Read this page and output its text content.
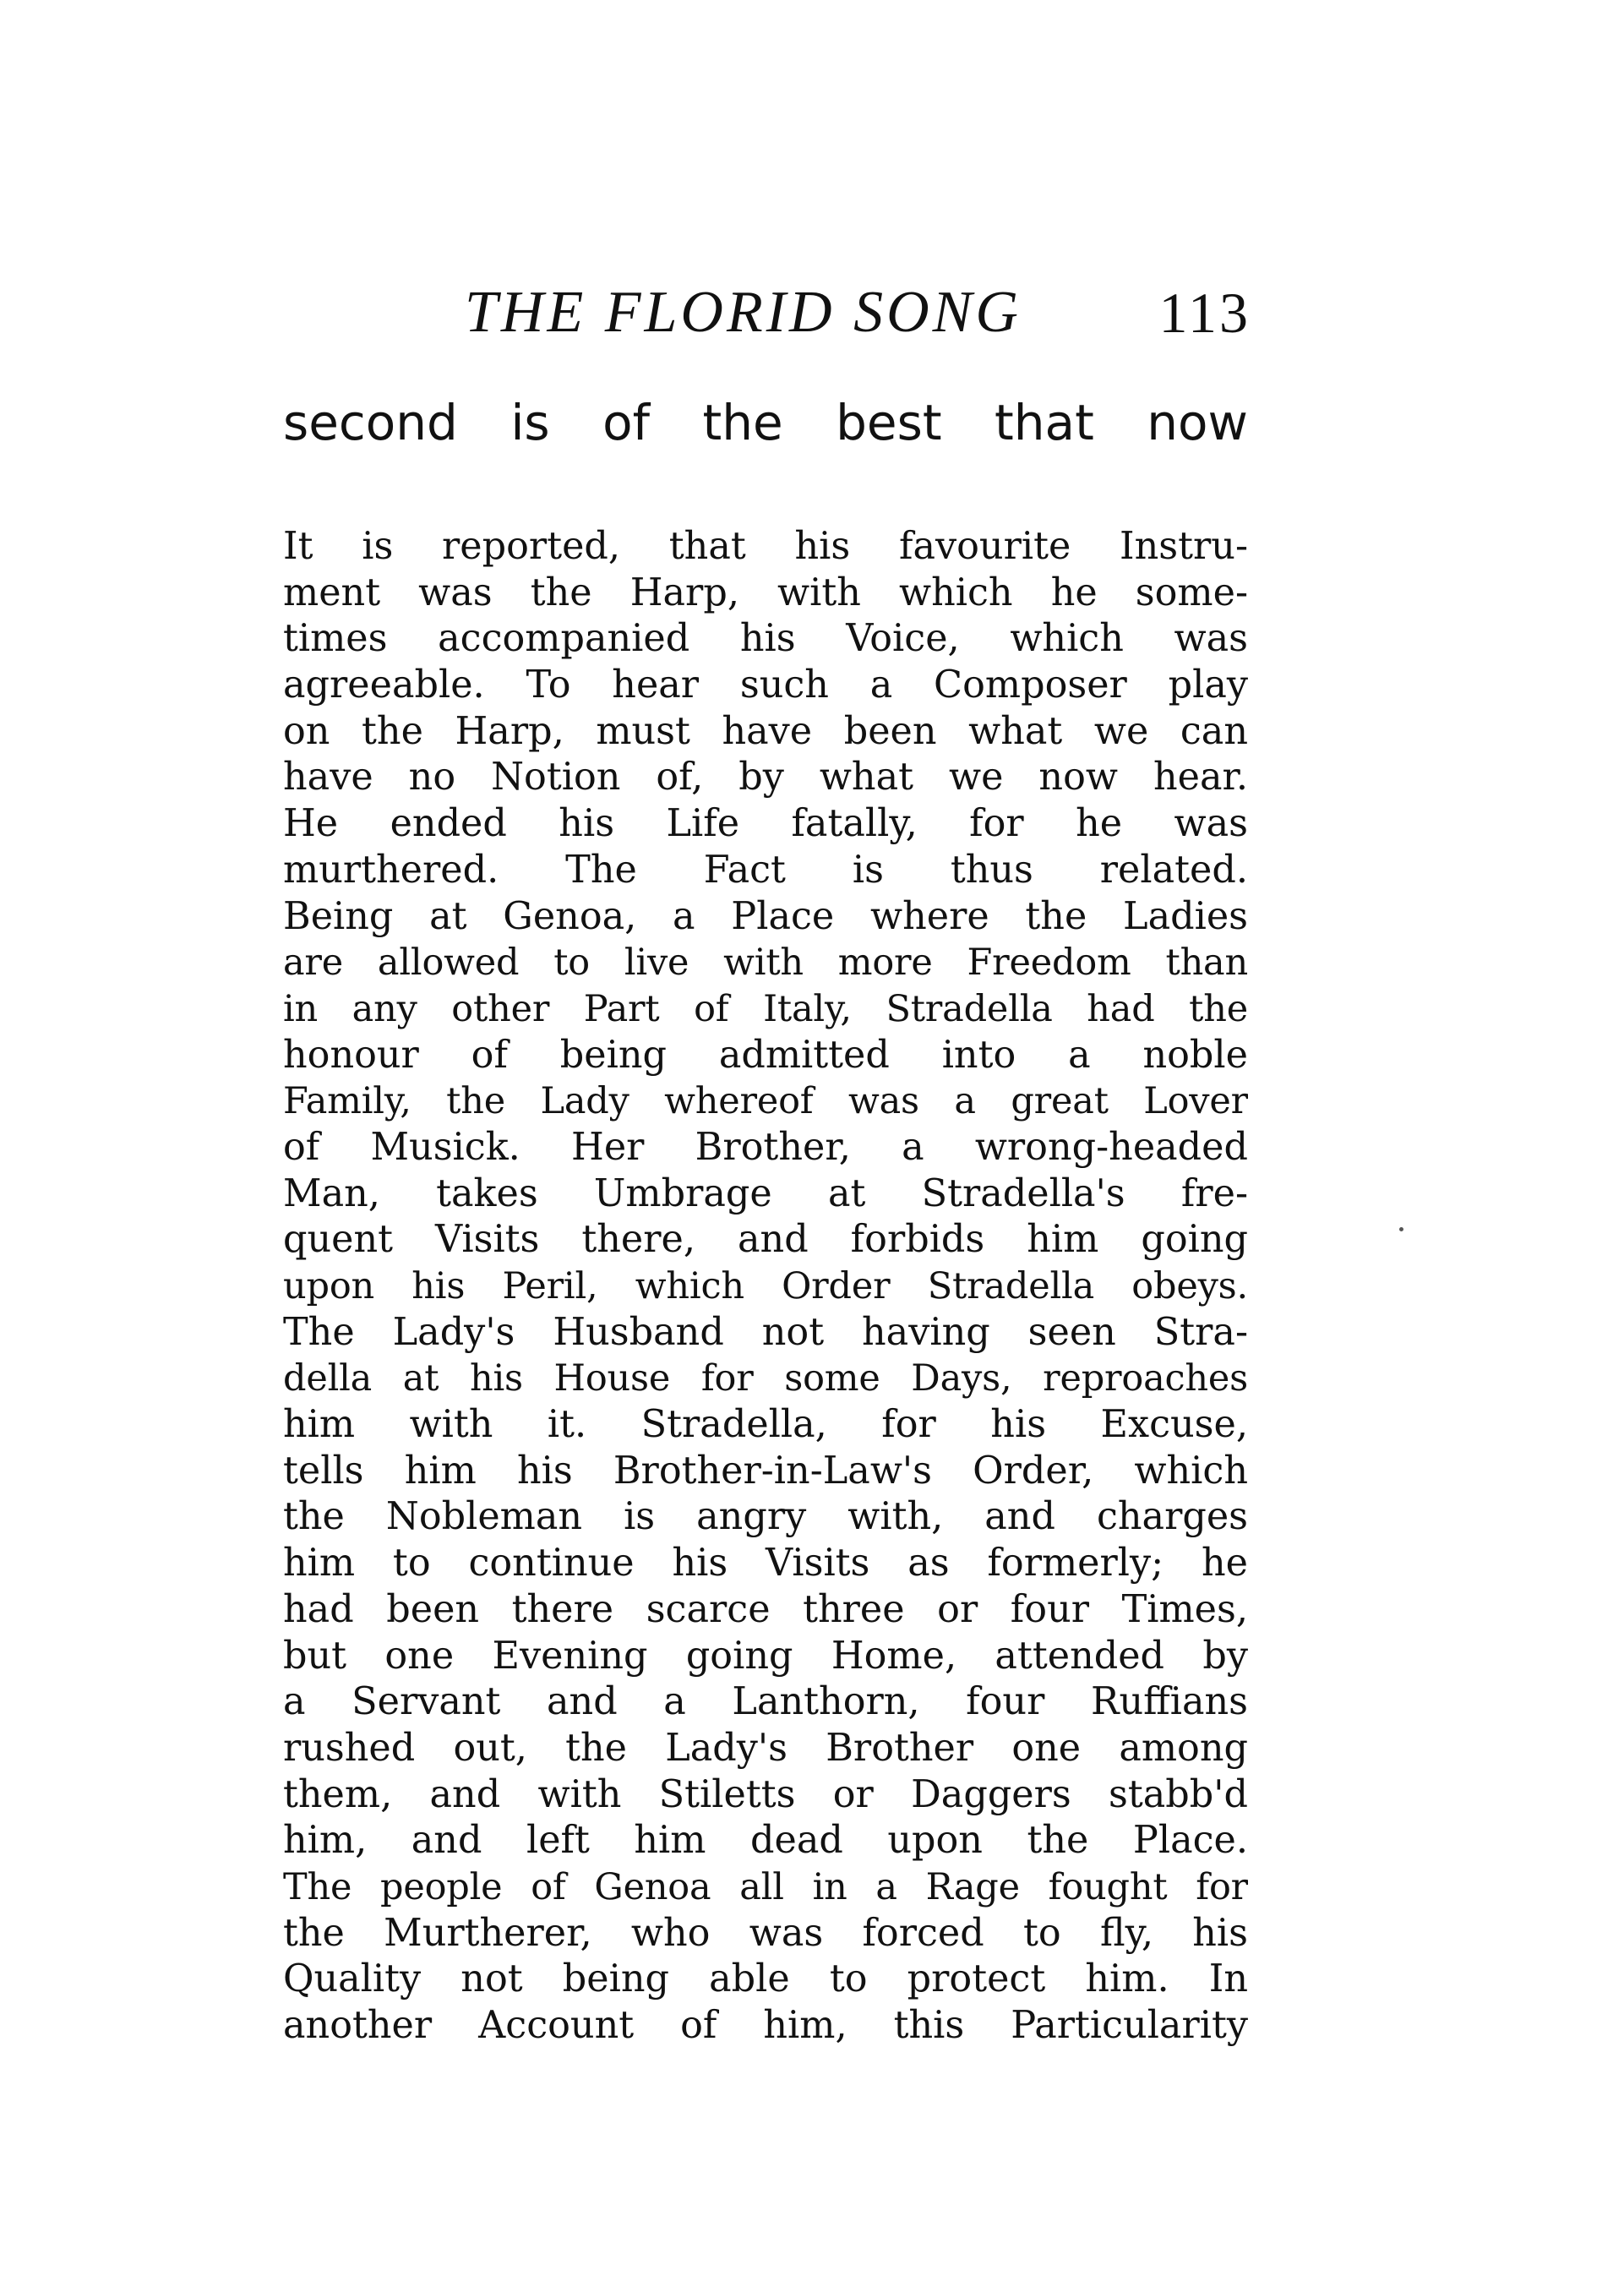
THE FLORID SONG 113
second is of the best that now
It is reported, that his favourite Instru-
ment was the Harp, with which he some-
times accompanied his Voice, which was
agreeable. To hear such a Composer play
on the Harp, must have been what we can
have no Notion of, by what we now hear.
He ended his Life fatally, for he was
murthered. The Fact is thus related.
Being at Genoa, a Place where the Ladies
are allowed to live with more Freedom than
in any other Part of Italy, Stradella had the
honour of being admitted into a noble
Family, the Lady whereof was a great Lover
of Musick. Her Brother, a wrong-headed
Man, takes Umbrage at Stradella's fre-
quent Visits there, and forbids him going
upon his Peril, which Order Stradella obeys.
The Lady's Husband not having seen Stra-
della at his House for some Days, reproaches
him with it. Stradella, for his Excuse,
tells him his Brother-in-Law's Order, which
the Nobleman is angry with, and charges
him to continue his Visits as formerly; he
had been there scarce three or four Times,
but one Evening going Home, attended by
a Servant and a Lanthorn, four Ruffians
rushed out, the Lady's Brother one among
them, and with Stiletts or Daggers stabb'd
him, and left him dead upon the Place.
The people of Genoa all in a Rage fought for
the Murtherer, who was forced to fly, his
Quality not being able to protect him. In
another Account of him, this Particularity
